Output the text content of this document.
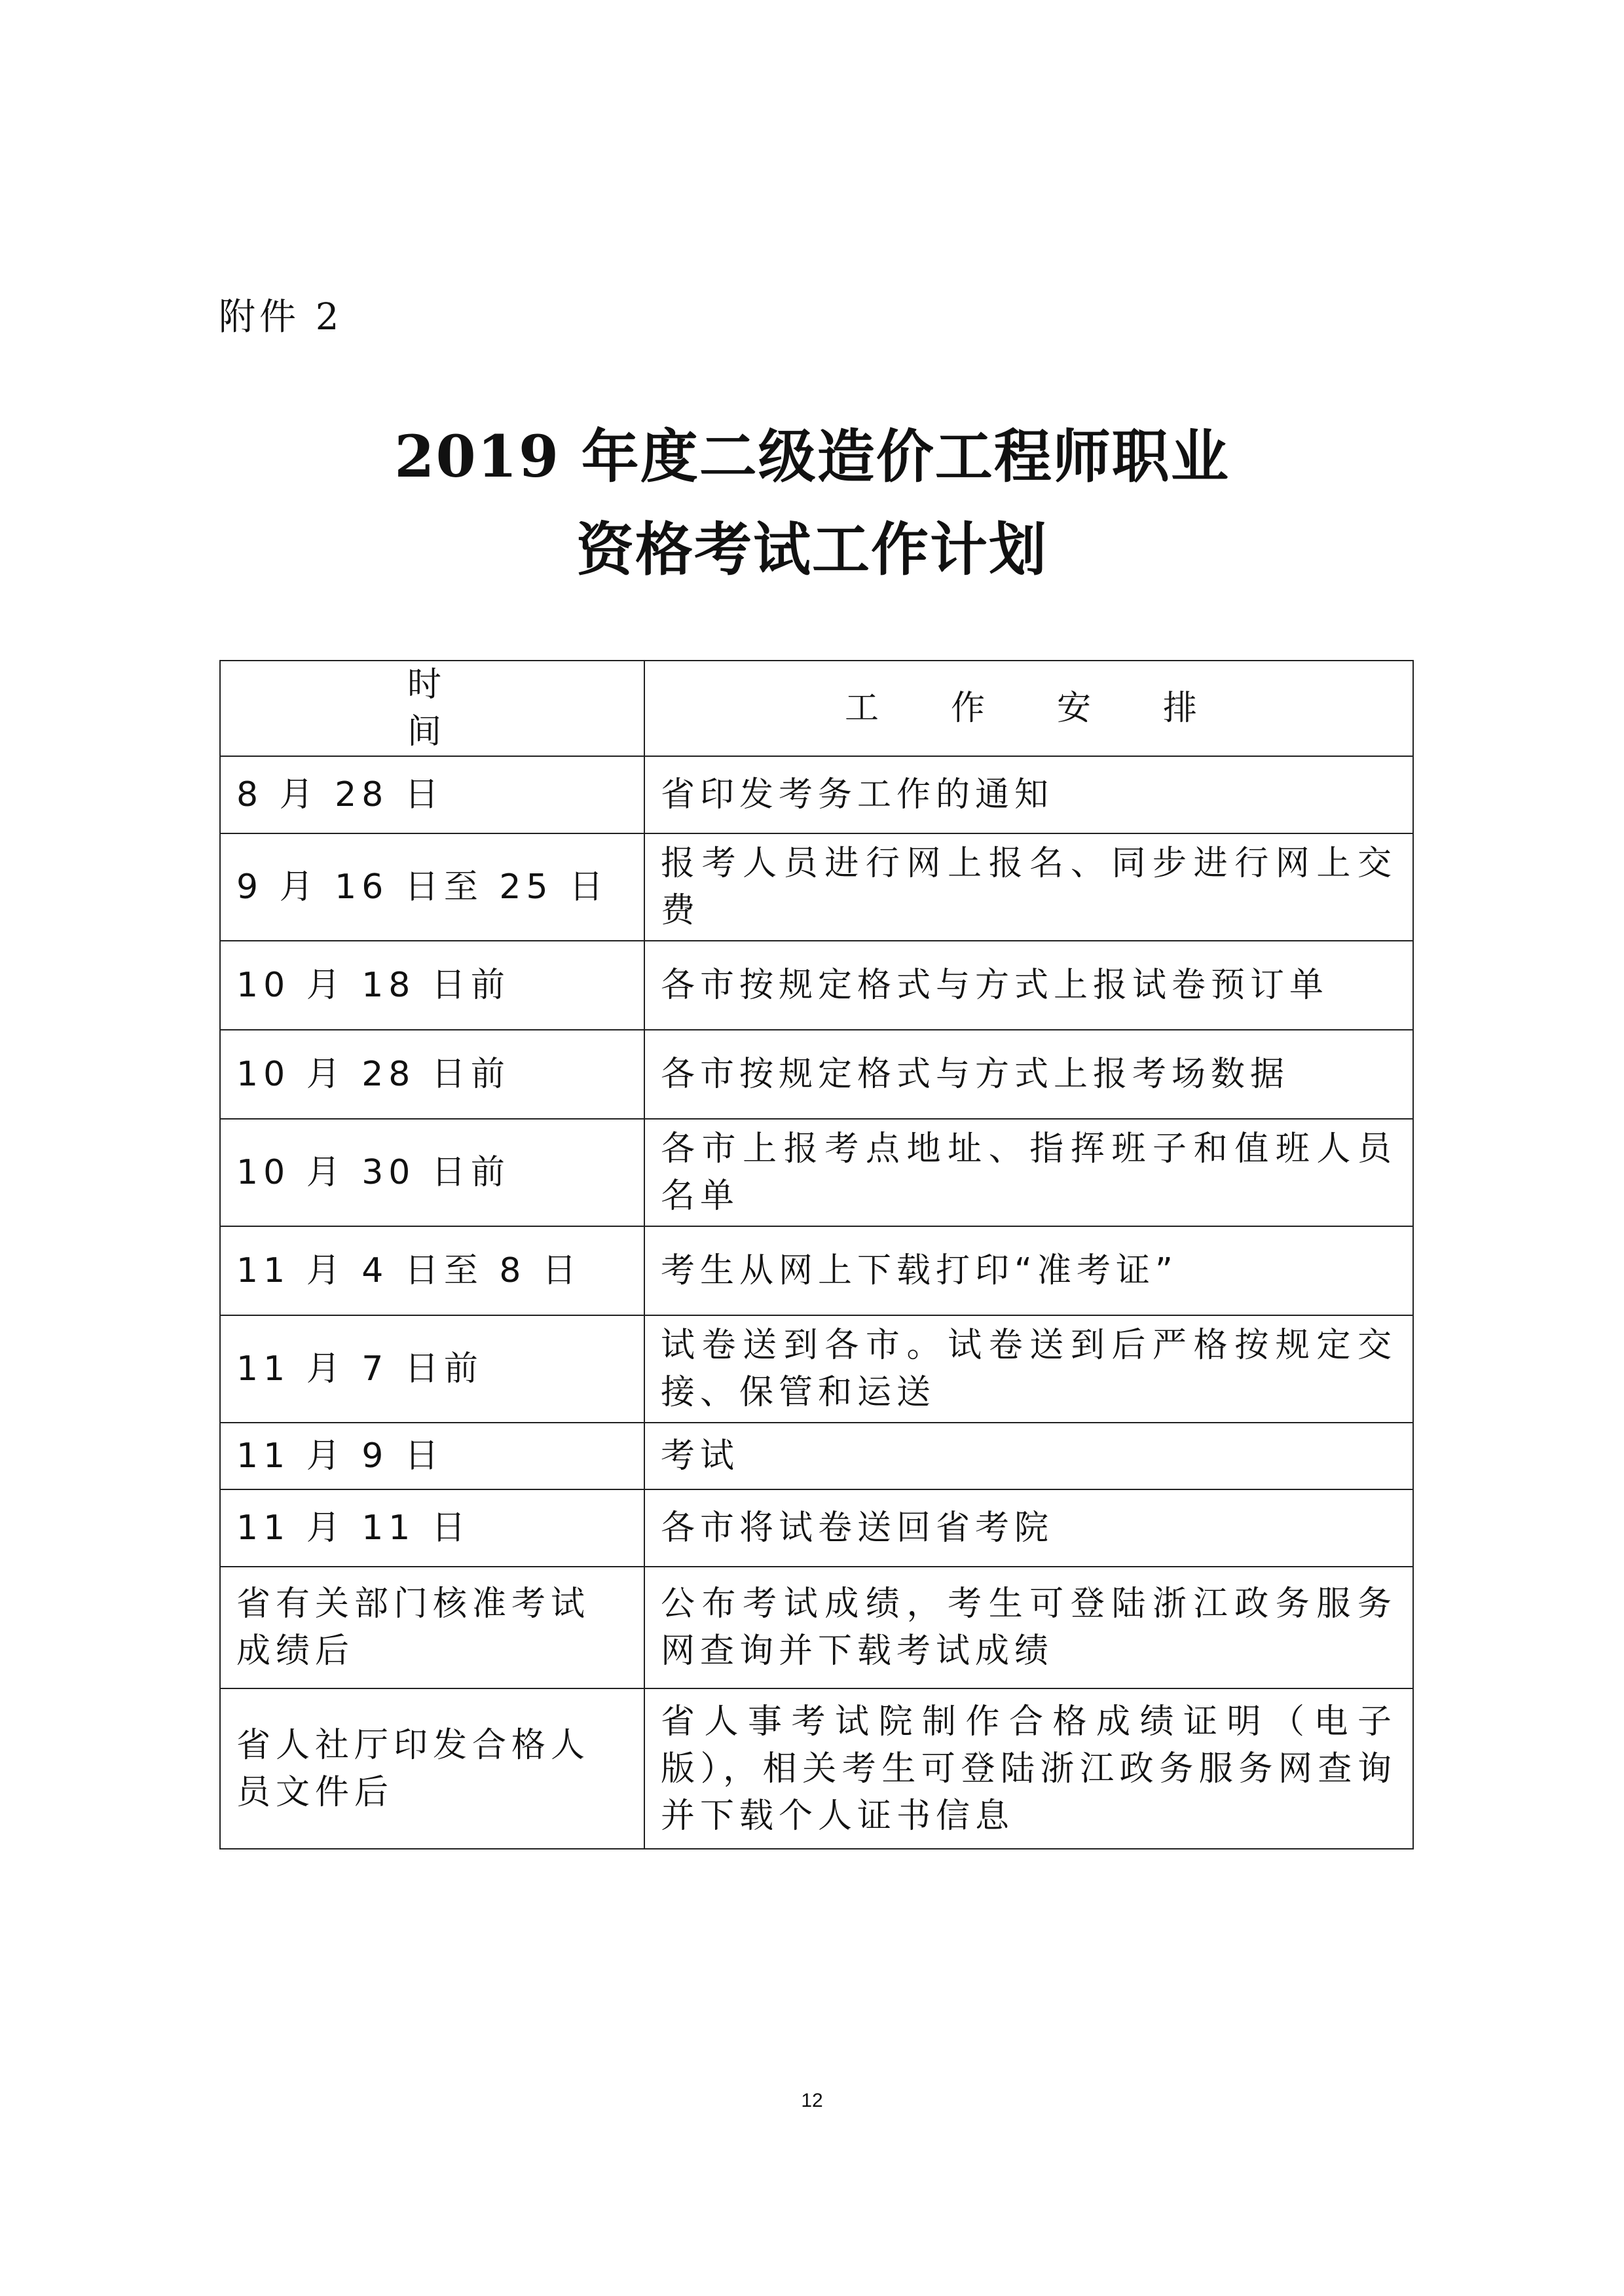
附件 2
2019 年度二级造价工程师职业
资格考试工作计划
时间	工作安排
8 月 28 日	省印发考务工作的通知
9 月 16 日至 25 日	报考人员进行网上报名、同步进行网上交费
10 月 18 日前	各市按规定格式与方式上报试卷预订单
10 月 28 日前	各市按规定格式与方式上报考场数据
10 月 30 日前	各市上报考点地址、指挥班子和值班人员名单
11 月 4 日至 8 日	考生从网上下载打印“准考证”
11 月 7 日前	试卷送到各市。试卷送到后严格按规定交接、保管和运送
11 月 9 日	考试
11 月 11 日	各市将试卷送回省考院
省有关部门核准考试成绩后	公布考试成绩，考生可登陆浙江政务服务网查询并下载考试成绩
省人社厅印发合格人员文件后	省人事考试院制作合格成绩证明（电子版），相关考生可登陆浙江政务服务网查询并下载个人证书信息
12
